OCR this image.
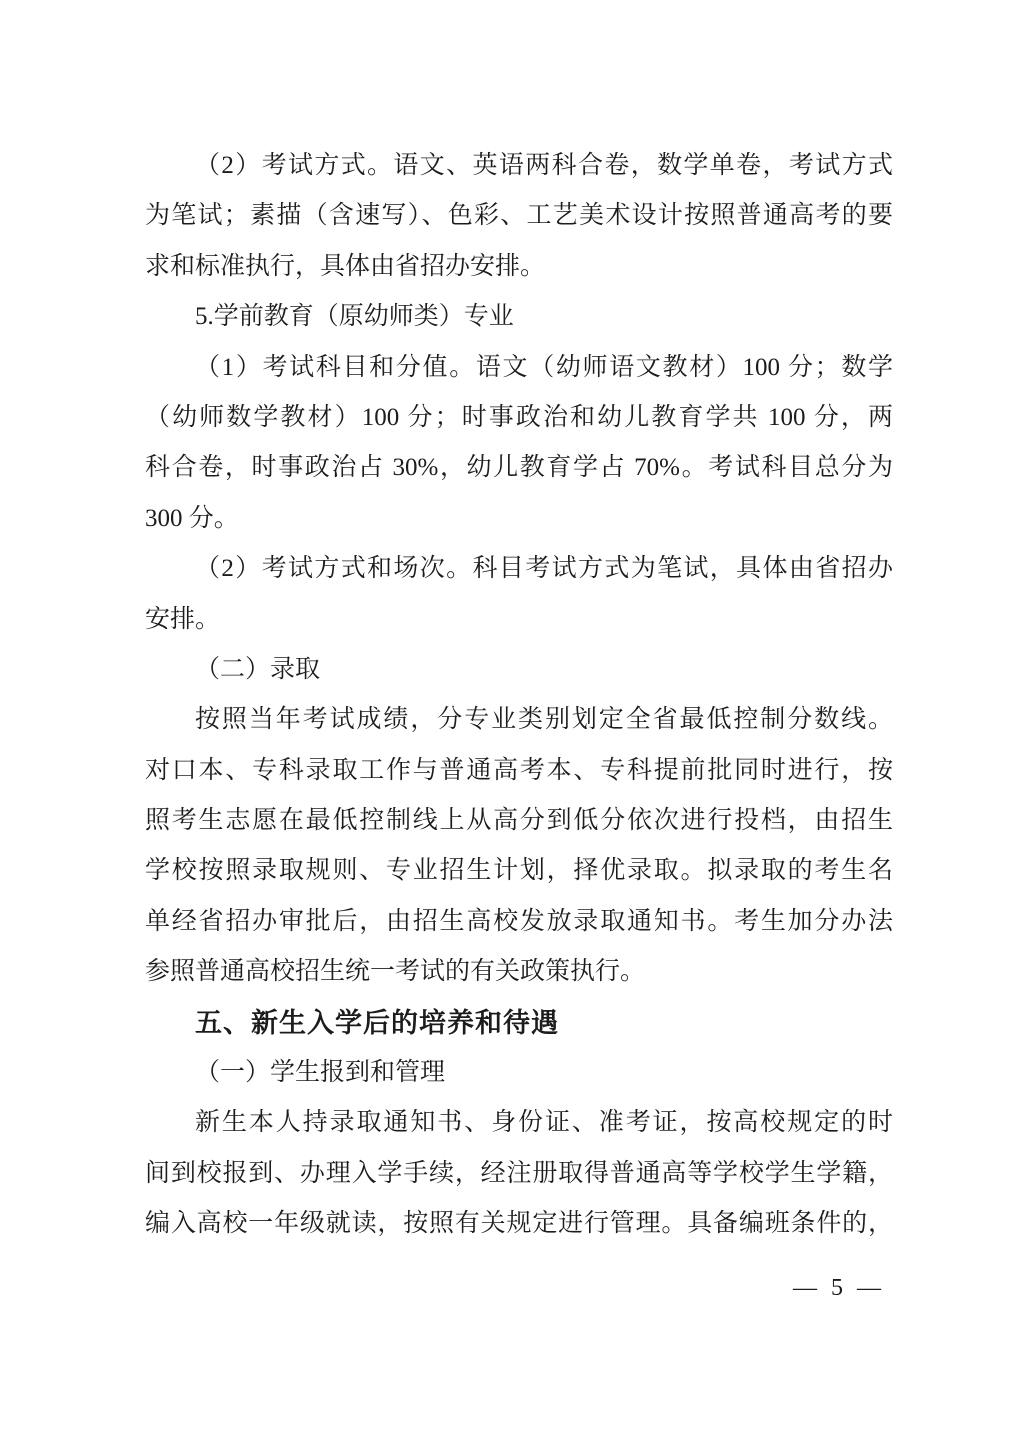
（2）考试方式。语文、英语两科合卷，数学单卷，考试方式
为笔试；素描（含速写）、色彩、工艺美术设计按照普通高考的要
求和标准执行，具体由省招办安排。
5.学前教育（原幼师类）专业
（1）考试科目和分值。语文（幼师语文教材）100 分；数学
（幼师数学教材）100 分；时事政治和幼儿教育学共 100 分，两
科合卷，时事政治占 30%，幼儿教育学占 70%。考试科目总分为
300 分。
（2）考试方式和场次。科目考试方式为笔试，具体由省招办
安排。
（二）录取
按照当年考试成绩，分专业类别划定全省最低控制分数线。
对口本、专科录取工作与普通高考本、专科提前批同时进行，按
照考生志愿在最低控制线上从高分到低分依次进行投档，由招生
学校按照录取规则、专业招生计划，择优录取。拟录取的考生名
单经省招办审批后，由招生高校发放录取通知书。考生加分办法
参照普通高校招生统一考试的有关政策执行。
五、新生入学后的培养和待遇
（一）学生报到和管理
新生本人持录取通知书、身份证、准考证，按高校规定的时
间到校报到、办理入学手续，经注册取得普通高等学校学生学籍，
编入高校一年级就读，按照有关规定进行管理。具备编班条件的，
— 5 —
